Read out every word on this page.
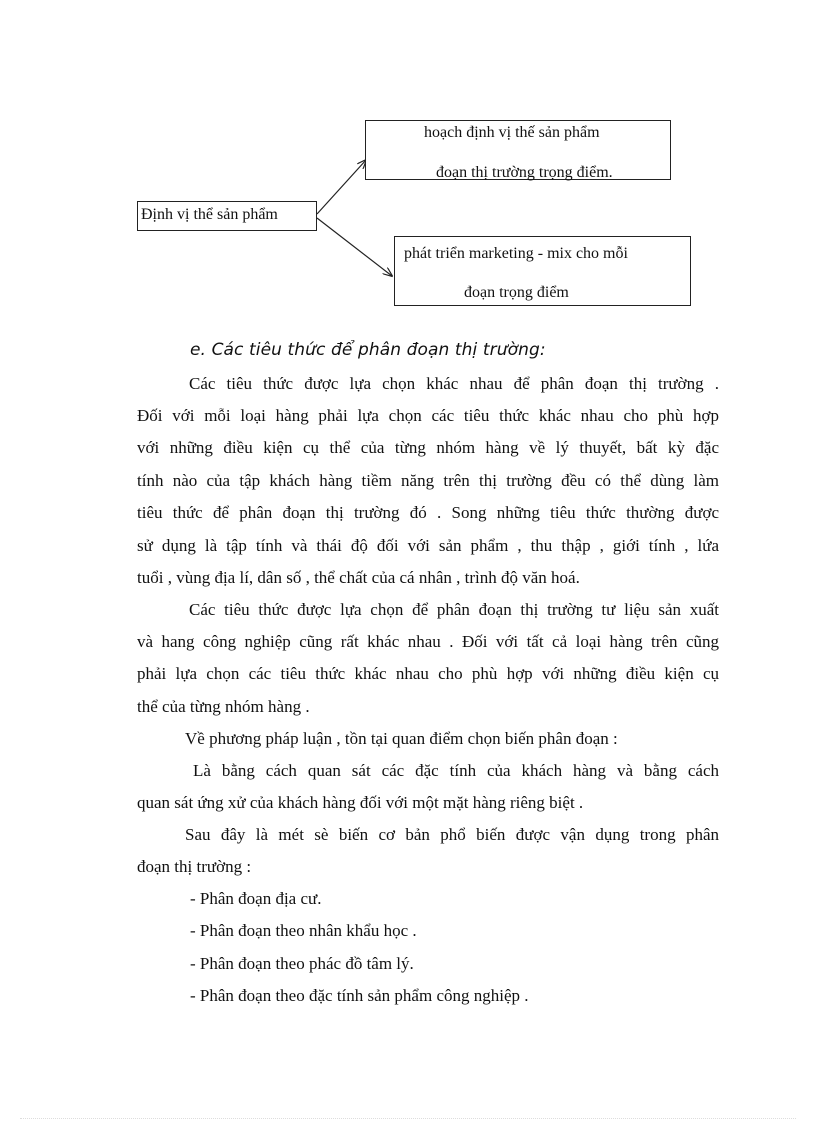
hoạch định vị thế sản phẩm
đoạn thị trường trọng điểm.
Định vị thể sản phẩm
phát triển marketing - mix cho mỗi
đoạn trọng điểm
e. Các tiêu thức để phân đoạn thị trường:
Các tiêu thức được lựa chọn khác nhau để phân đoạn thị trường .
Đối với mỗi loại hàng phải lựa chọn các tiêu thức khác nhau cho phù hợp
với những điều kiện cụ thể của từng nhóm hàng về lý thuyết, bất kỳ đặc
tính nào của tập khách hàng tiềm năng trên thị trường đều có thể dùng làm
tiêu thức để phân đoạn thị trường đó . Song những tiêu thức thường được
sử dụng là tập tính và thái độ đối với sản phẩm , thu thập , giới tính , lứa
tuổi , vùng địa lí, dân số , thể chất của cá nhân , trình độ văn hoá.
Các tiêu thức được lựa chọn để phân đoạn thị trường tư liệu sản xuất
và hang công nghiệp cũng rất khác nhau . Đối với tất cả loại hàng trên cũng
phải lựa chọn các tiêu thức khác nhau cho phù hợp với những điều kiện cụ
thể của từng nhóm hàng .
Về phương pháp luận , tồn tại quan điểm chọn biến phân đoạn :
Là bằng cách quan sát các đặc tính của khách hàng và bằng cách
quan sát ứng xử của khách hàng đối với một mặt hàng riêng biệt .
Sau đây là mét sè biến cơ bản phổ biến được vận dụng trong phân
đoạn thị trường :
- Phân đoạn địa cư.
- Phân đoạn theo nhân khẩu học .
- Phân đoạn theo phác đồ tâm lý.
- Phân đoạn theo đặc tính sản phẩm công nghiệp .
